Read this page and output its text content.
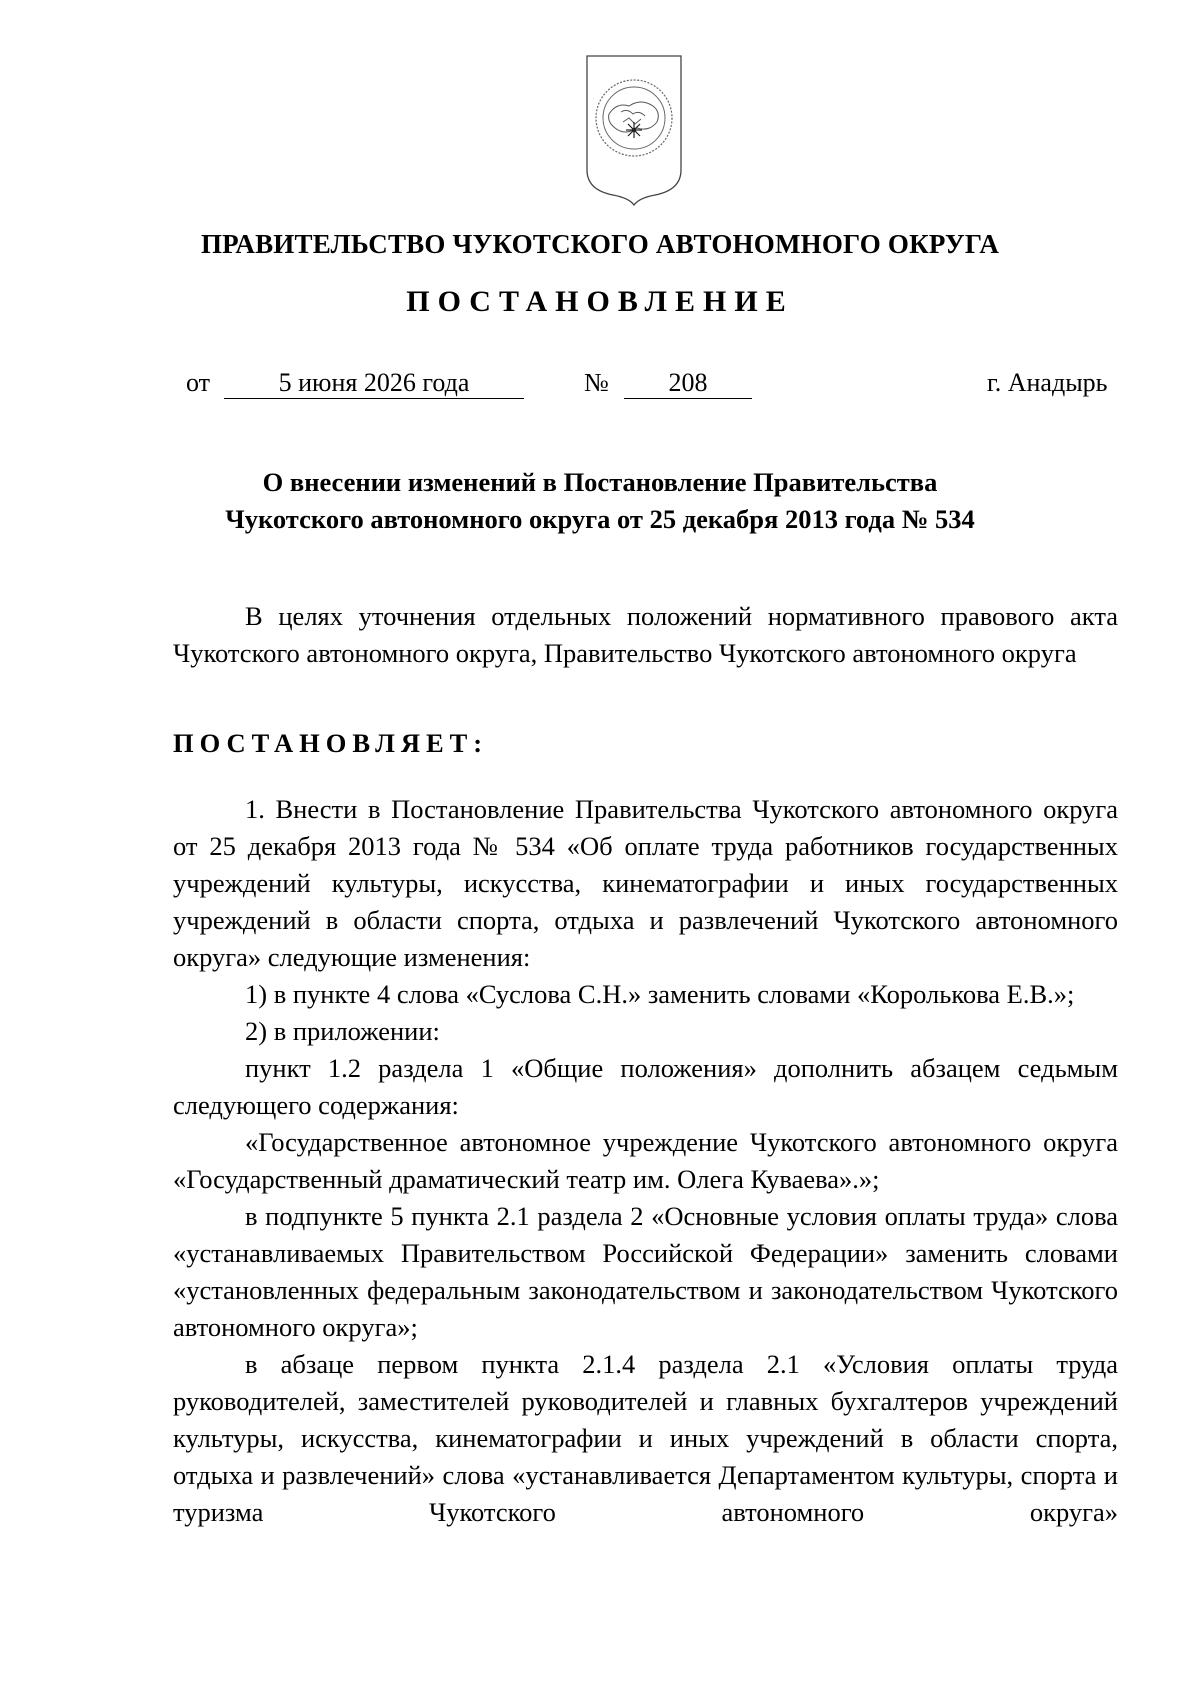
ПРАВИТЕЛЬСТВО ЧУКОТСКОГО АВТОНОМНОГО ОКРУГА
ПОСТАНОВЛЕНИЕ
от	5 июня 2026 года	№	208	г. Анадырь
О внесении изменений в Постановление Правительства
Чукотского автономного округа от 25 декабря 2013 года № 534

В целях уточнения отдельных положений нормативного правового акта Чукотского автономного округа, Правительство Чукотского автономного округа

ПОСТАНОВЛЯЕТ:

1. Внести в Постановление Правительства Чукотского автономного округа от 25 декабря 2013 года № 534 «Об оплате труда работников государственных учреждений культуры, искусства, кинематографии и иных государственных учреждений в области спорта, отдыха и развлечений Чукотского автономного округа» следующие изменения:

1) в пункте 4 слова «Суслова С.Н.» заменить словами «Королькова Е.В.»;

2) в приложении:

пункт 1.2 раздела 1 «Общие положения» дополнить абзацем седьмым следующего содержания:

«Государственное автономное учреждение Чукотского автономного округа «Государственный драматический театр им. Олега Куваева».»;

в подпункте 5 пункта 2.1 раздела 2 «Основные условия оплаты труда» слова «устанавливаемых Правительством Российской Федерации» заменить словами «установленных федеральным законодательством и законодательством Чукотского автономного округа»;

в абзаце первом пункта 2.1.4 раздела 2.1 «Условия оплаты труда руководителей, заместителей руководителей и главных бухгалтеров учреждений культуры, искусства, кинематографии и иных учреждений в области спорта, отдыха и развлечений» слова «устанавливается Департаментом культуры, спорта и туризма Чукотского автономного округа»
